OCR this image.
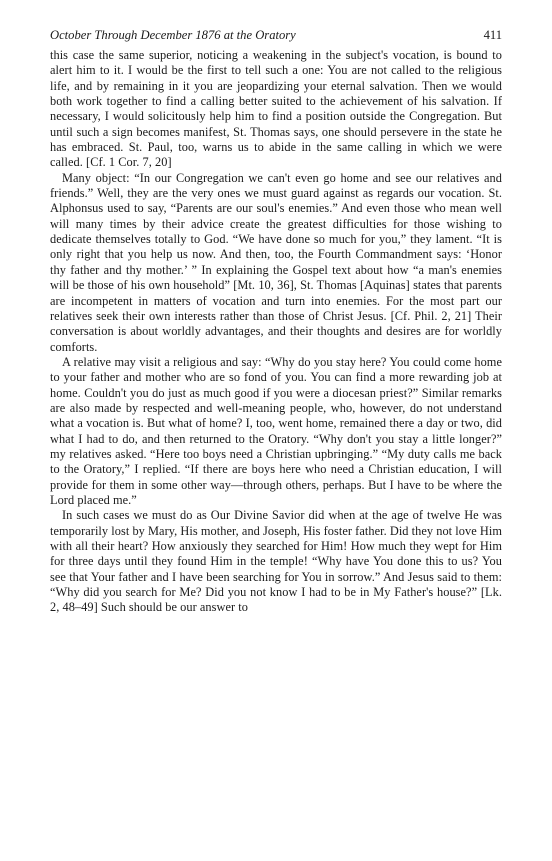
October Through December 1876 at the Oratory	411

this case the same superior, noticing a weakening in the subject's vocation, is bound to alert him to it. I would be the first to tell such a one: You are not called to the religious life, and by remaining in it you are jeopardizing your eternal salvation. Then we would both work together to find a calling better suited to the achievement of his salvation. If necessary, I would solicitously help him to find a position outside the Congregation. But until such a sign becomes manifest, St. Thomas says, one should persevere in the state he has embraced. St. Paul, too, warns us to abide in the same calling in which we were called. [Cf. 1 Cor. 7, 20]

Many object: “In our Congregation we can't even go home and see our relatives and friends.” Well, they are the very ones we must guard against as regards our vocation. St. Alphonsus used to say, “Parents are our soul's enemies.” And even those who mean well will many times by their advice create the greatest difficulties for those wishing to dedicate themselves totally to God. “We have done so much for you,” they lament. “It is only right that you help us now. And then, too, the Fourth Commandment says: ‘Honor thy father and thy mother.’ ” In explaining the Gospel text about how “a man's enemies will be those of his own household” [Mt. 10, 36], St. Thomas [Aquinas] states that parents are incompetent in matters of vocation and turn into enemies. For the most part our relatives seek their own interests rather than those of Christ Jesus. [Cf. Phil. 2, 21] Their conversation is about worldly advantages, and their thoughts and desires are for worldly comforts.

A relative may visit a religious and say: “Why do you stay here? You could come home to your father and mother who are so fond of you. You can find a more rewarding job at home. Couldn't you do just as much good if you were a diocesan priest?” Similar remarks are also made by respected and well-meaning people, who, however, do not understand what a vocation is. But what of home? I, too, went home, remained there a day or two, did what I had to do, and then returned to the Oratory. “Why don't you stay a little longer?” my relatives asked. “Here too boys need a Christian upbringing.” “My duty calls me back to the Oratory,” I replied. “If there are boys here who need a Christian education, I will provide for them in some other way—through others, perhaps. But I have to be where the Lord placed me.”

In such cases we must do as Our Divine Savior did when at the age of twelve He was temporarily lost by Mary, His mother, and Joseph, His foster father. Did they not love Him with all their heart? How anxiously they searched for Him! How much they wept for Him for three days until they found Him in the temple! “Why have You done this to us? You see that Your father and I have been searching for You in sorrow.” And Jesus said to them: “Why did you search for Me? Did you not know I had to be in My Father's house?” [Lk. 2, 48–49] Such should be our answer to
